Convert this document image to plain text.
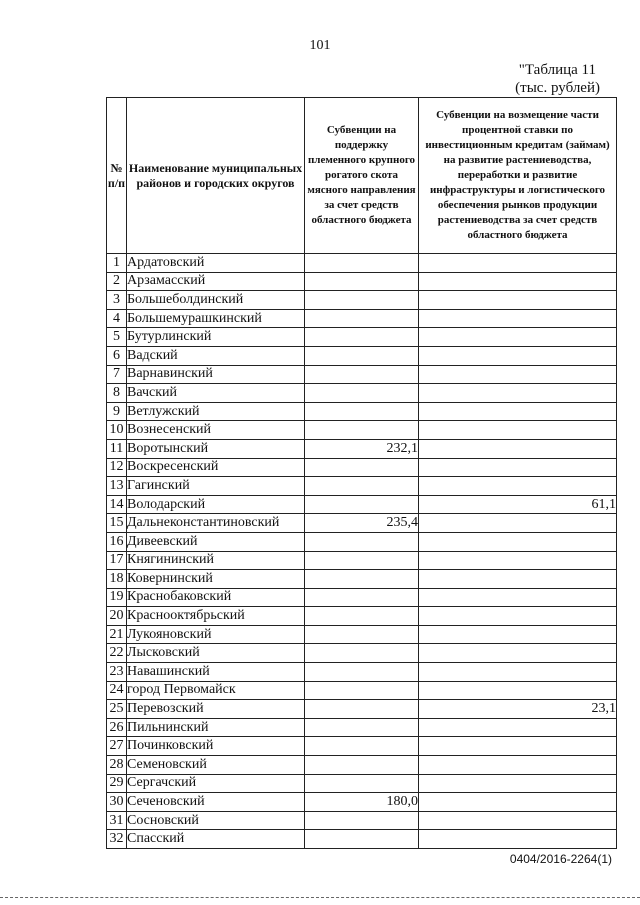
101
"Таблица 11
(тыс. рублей)
№ п/п	Наименование муниципальных районов и городских округов	Субвенции на поддержку племенного крупного рогатого скота мясного направления за счет средств областного бюджета	Субвенции на возмещение части процентной ставки по инвестиционным кредитам (займам) на развитие растениеводства, переработки и развитие инфраструктуры и логистического обеспечения рынков продукции растениеводства за счет средств областного бюджета
1	Ардатовский		
2	Арзамасский		
3	Большеболдинский		
4	Большемурашкинский		
5	Бутурлинский		
6	Вадский		
7	Варнавинский		
8	Вачский		
9	Ветлужский		
10	Вознесенский		
11	Воротынский	232,1	
12	Воскресенский		
13	Гагинский		
14	Володарский		61,1
15	Дальнеконстантиновский	235,4	
16	Дивеевский		
17	Княгининский		
18	Ковернинский		
19	Краснобаковский		
20	Краснооктябрьский		
21	Лукояновский		
22	Лысковский		
23	Навашинский		
24	город Первомайск		
25	Перевозский		23,1
26	Пильнинский		
27	Починковский		
28	Семеновский		
29	Сергачский		
30	Сеченовский	180,0	
31	Сосновский		
32	Спасский		
0404/2016-2264(1)
